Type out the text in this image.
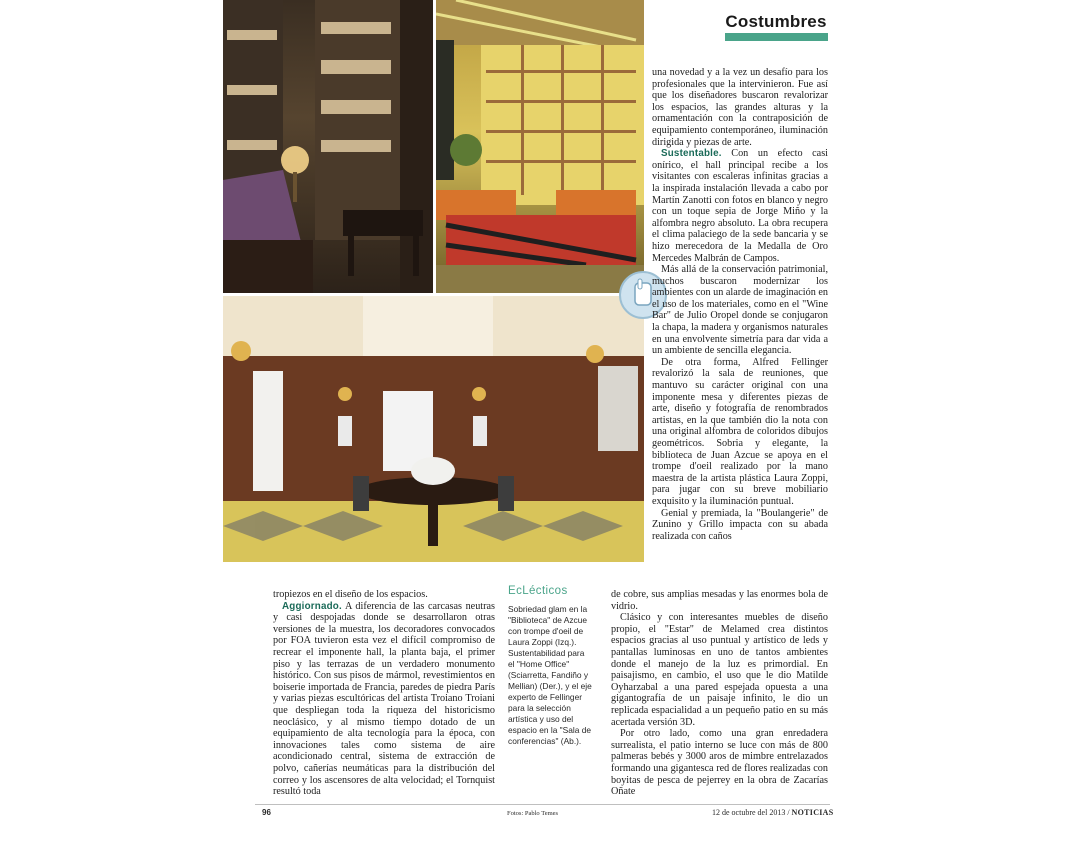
Costumbres

una novedad y a la vez un desafío para los profesionales que la intervinieron. Fue así que los diseñadores buscaron revalorizar los espacios, las grandes alturas y la ornamentación con la contraposición de equipamiento contemporáneo, iluminación dirigida y piezas de arte.

Sustentable. Con un efecto casi onírico, el hall principal recibe a los visitantes con escaleras infinitas gracias a la inspirada instalación llevada a cabo por Martín Zanotti con fotos en blanco y negro con un toque sepia de Jorge Miño y la alfombra negro absoluto. La obra recupera el clima palaciego de la sede bancaria y se hizo merecedora de la Medalla de Oro Mercedes Malbrán de Campos.

Más allá de la conservación patrimonial, muchos buscaron modernizar los ambientes con un alarde de imaginación en el uso de los materiales, como en el "Wine Bar" de Julio Oropel donde se conjugaron la chapa, la madera y organismos naturales en una envolvente simetría para dar vida a un ambiente de sencilla elegancia.

De otra forma, Alfred Fellinger revalorizó la sala de reuniones, que mantuvo su carácter original con una imponente mesa y diferentes piezas de arte, diseño y fotografía de renombrados artistas, en la que también dio la nota con una original alfombra de coloridos dibujos geométricos. Sobria y elegante, la biblioteca de Juan Azcue se apoya en el trompe d'oeil realizado por la mano maestra de la artista plástica Laura Zoppi, para jugar con su breve mobiliario exquisito y la iluminación puntual.

Genial y premiada, la "Boulangerie" de Zunino y Grillo impacta con su abada realizada con caños

tropiezos en el diseño de los espacios.

Aggiornado. A diferencia de las carcasas neutras y casi despojadas donde se desarrollaron otras versiones de la muestra, los decoradores convocados por FOA tuvieron esta vez el difícil compromiso de recrear el imponente hall, la planta baja, el primer piso y las terrazas de un verdadero monumento histórico. Con sus pisos de mármol, revestimientos en boiserie importada de Francia, paredes de piedra París y varias piezas escultóricas del artista Troiano Troiani que despliegan toda la riqueza del historicismo neoclásico, y al mismo tiempo dotado de un equipamiento de alta tecnología para la época, con innovaciones tales como sistema de aire acondicionado central, sistema de extracción de polvo, cañerías neumáticas para la distribución del correo y los ascensores de alta velocidad; el Tornquist resultó toda

EcLécticos
Sobriedad glam en la "Biblioteca" de Azcue con trompe d'oeil de Laura Zoppi (Izq.). Sustentabilidad para el "Home Office" (Sciarretta, Fandiño y Mellian) (Der.), y el eje experto de Fellinger para la selección artística y uso del espacio en la "Sala de conferencias" (Ab.).

de cobre, sus amplias mesadas y las enormes bola de vidrio.

Clásico y con interesantes muebles de diseño propio, el "Estar" de Melamed crea distintos espacios gracias al uso puntual y artístico de leds y pantallas luminosas en uno de tantos ambientes donde el manejo de la luz es primordial. En paisajismo, en cambio, el uso que le dio Matilde Oyharzabal a una pared espejada opuesta a una gigantografía de un paisaje infinito, le dio un replicada espacialidad a un pequeño patio en su más acertada versión 3D.

Por otro lado, como una gran enredadera surrealista, el patio interno se luce con más de 800 palmeras bebés y 3000 aros de mimbre entrelazados formando una gigantesca red de flores realizadas con boyitas de pesca de pejerrey en la obra de Zacarías Oñate

96	Fotos: Pablo Temes	12 de octubre del 2013 / NOTICIAS
